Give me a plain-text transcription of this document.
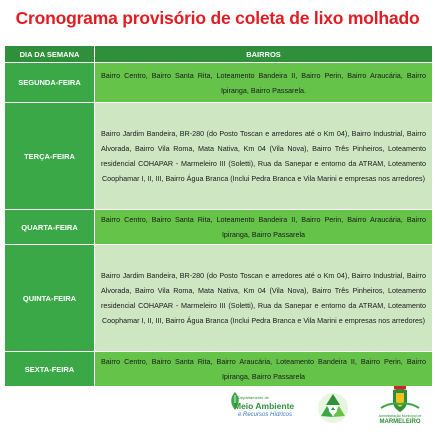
Cronograma provisório de coleta de lixo molhado
DIA DA SEMANA	BAIRROS
SEGUNDA-FEIRA	Bairro Centro, Bairro Santa Rita, Loteamento Bandeira II, Bairro Perin, Bairro Araucária, Bairro Ipiranga, Bairro Passarela.
TERÇA-FEIRA	Bairro Jardim Bandeira, BR-280 (do Posto Toscan e arredores até o Km 04), Bairro Industrial, Bairro Alvorada, Bairro Vila Roma, Mata Nativa, Km 04 (Vila Nova), Bairro Três Pinheiros, Loteamento residencial COHAPAR - Marmeleiro III (Soletti), Rua da Sanepar e entorno da ATRAM, Loteamento Coophamar I, II, III, Bairro Água Branca (Inclui Pedra Branca e Vila Marini e empresas nos arredores)
QUARTA-FEIRA	Bairro Centro, Bairro Santa Rita, Loteamento Bandeira II, Bairro Perin, Bairro Araucária, Bairro Ipiranga, Bairro Passarela
QUINTA-FEIRA	Bairro Jardim Bandeira, BR-280 (do Posto Toscan e arredores até o Km 04), Bairro Industrial, Bairro Alvorada, Bairro Vila Roma, Mata Nativa, Km 04 (Vila Nova), Bairro Três Pinheiros, Loteamento residencial COHAPAR - Marmeleiro III (Soletti), Rua da Sanepar e entorno da ATRAM, Loteamento Coophamar I, II, III, Bairro Água Branca (Inclui Pedra Branca e Vila Marini e empresas nos arredores)
SEXTA-FEIRA	Bairro Centro, Bairro Santa Rita, Bairro Araucária, Loteamento Bandeira II, Bairro Perin, Bairro Ipiranga, Bairro Passarela
Departamento de
Meio Ambiente
e Recursos Hídricos	Administração Municipal de
MARMELEIRO
